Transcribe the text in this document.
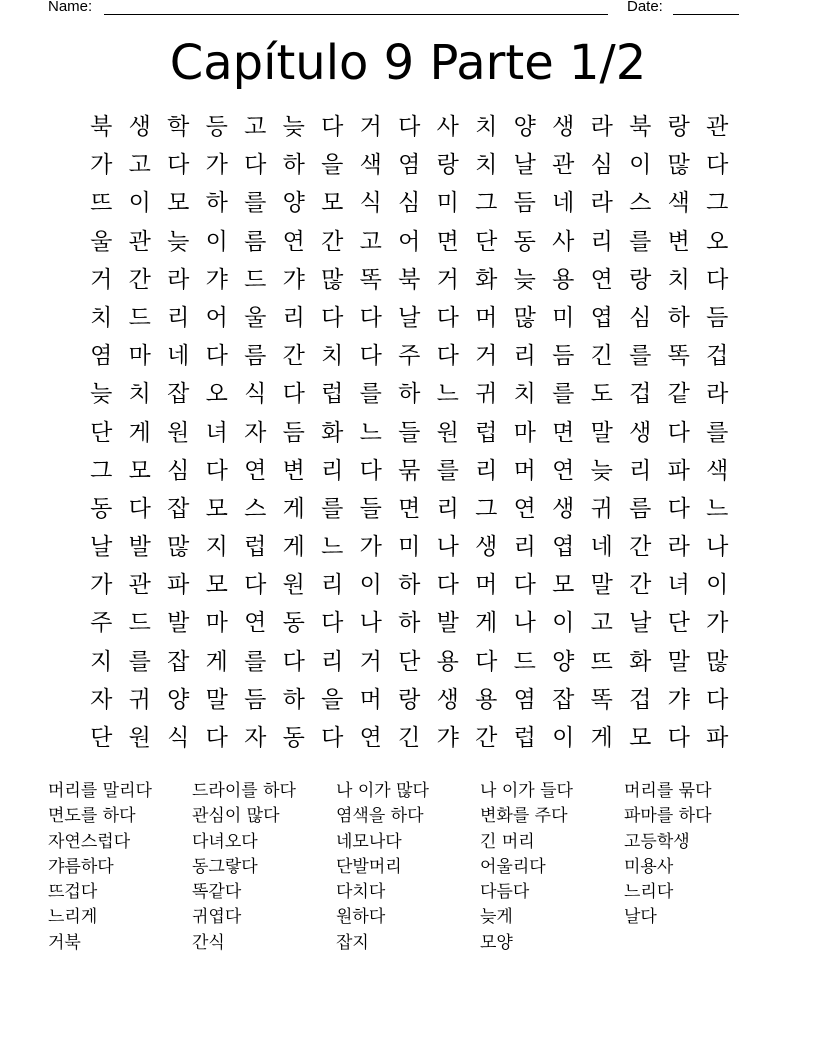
Name:	Date:
Capítulo 9 Parte 1/2
북 생 학 등 고 늦 다 거 다 사 치 양 생 라 북 랑 관
가 고 다 가 다 하 을 색 염 랑 치 날 관 심 이 많 다
뜨 이 모 하 를 양 모 식 심 미 그 듬 네 라 스 색 그
울 관 늦 이 름 연 간 고 어 면 단 동 사 리 를 변 오
거 간 라 갸 드 갸 많 똑 북 거 화 늦 용 연 랑 치 다
치 드 리 어 울 리 다 다 날 다 머 많 미 엽 심 하 듬
염 마 네 다 름 간 치 다 주 다 거 리 듬 긴 를 똑 겁
늦 치 잡 오 식 다 럽 를 하 느 귀 치 를 도 겁 같 라
단 게 원 녀 자 듬 화 느 들 원 럽 마 면 말 생 다 를
그 모 심 다 연 변 리 다 묶 를 리 머 연 늦 리 파 색
동 다 잡 모 스 게 를 들 면 리 그 연 생 귀 름 다 느
날 발 많 지 럽 게 느 가 미 나 생 리 엽 네 간 라 나
가 관 파 모 다 원 리 이 하 다 머 다 모 말 간 녀 이
주 드 발 마 연 동 다 나 하 발 게 나 이 고 날 단 가
지 를 잡 게 를 다 리 거 단 용 다 드 양 뜨 화 말 많
자 귀 양 말 듬 하 을 머 랑 생 용 염 잡 똑 겁 갸 다
단 원 식 다 자 동 다 연 긴 갸 간 럽 이 게 모 다 파
머리를 말리다	드라이를 하다	나 이가 많다	나 이가 들다	머리를 묶다
면도를 하다	관심이 많다	염색을 하다	변화를 주다	파마를 하다
자연스럽다	다녀오다	네모나다	긴 머리	고등학생
갸름하다	동그랗다	단발머리	어울리다	미용사
뜨겁다	똑같다	다치다	다듬다	느리다
느리게	귀엽다	원하다	늦게	날다
거북	간식	잡지	모양
